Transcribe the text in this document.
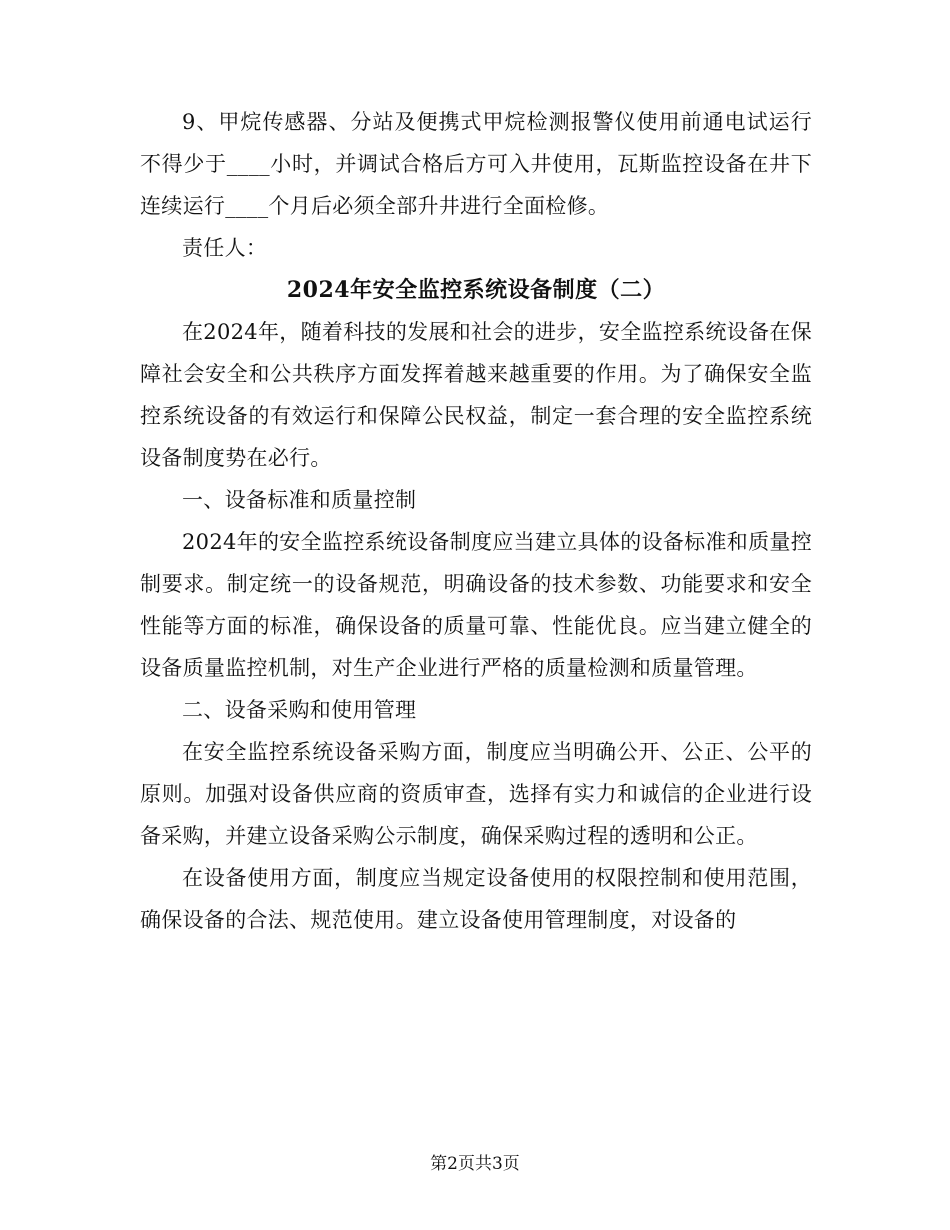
9、甲烷传感器、分站及便携式甲烷检测报警仪使用前通电试运行不得少于____小时，并调试合格后方可入井使用，瓦斯监控设备在井下连续运行____个月后必须全部升井进行全面检修。

责任人：

2024年安全监控系统设备制度（二）

在2024年，随着科技的发展和社会的进步，安全监控系统设备在保障社会安全和公共秩序方面发挥着越来越重要的作用。为了确保安全监控系统设备的有效运行和保障公民权益，制定一套合理的安全监控系统设备制度势在必行。

一、设备标准和质量控制

2024年的安全监控系统设备制度应当建立具体的设备标准和质量控制要求。制定统一的设备规范，明确设备的技术参数、功能要求和安全性能等方面的标准，确保设备的质量可靠、性能优良。应当建立健全的设备质量监控机制，对生产企业进行严格的质量检测和质量管理。

二、设备采购和使用管理

在安全监控系统设备采购方面，制度应当明确公开、公正、公平的原则。加强对设备供应商的资质审查，选择有实力和诚信的企业进行设备采购，并建立设备采购公示制度，确保采购过程的透明和公正。

在设备使用方面，制度应当规定设备使用的权限控制和使用范围，确保设备的合法、规范使用。建立设备使用管理制度，对设备的

第2页共3页
